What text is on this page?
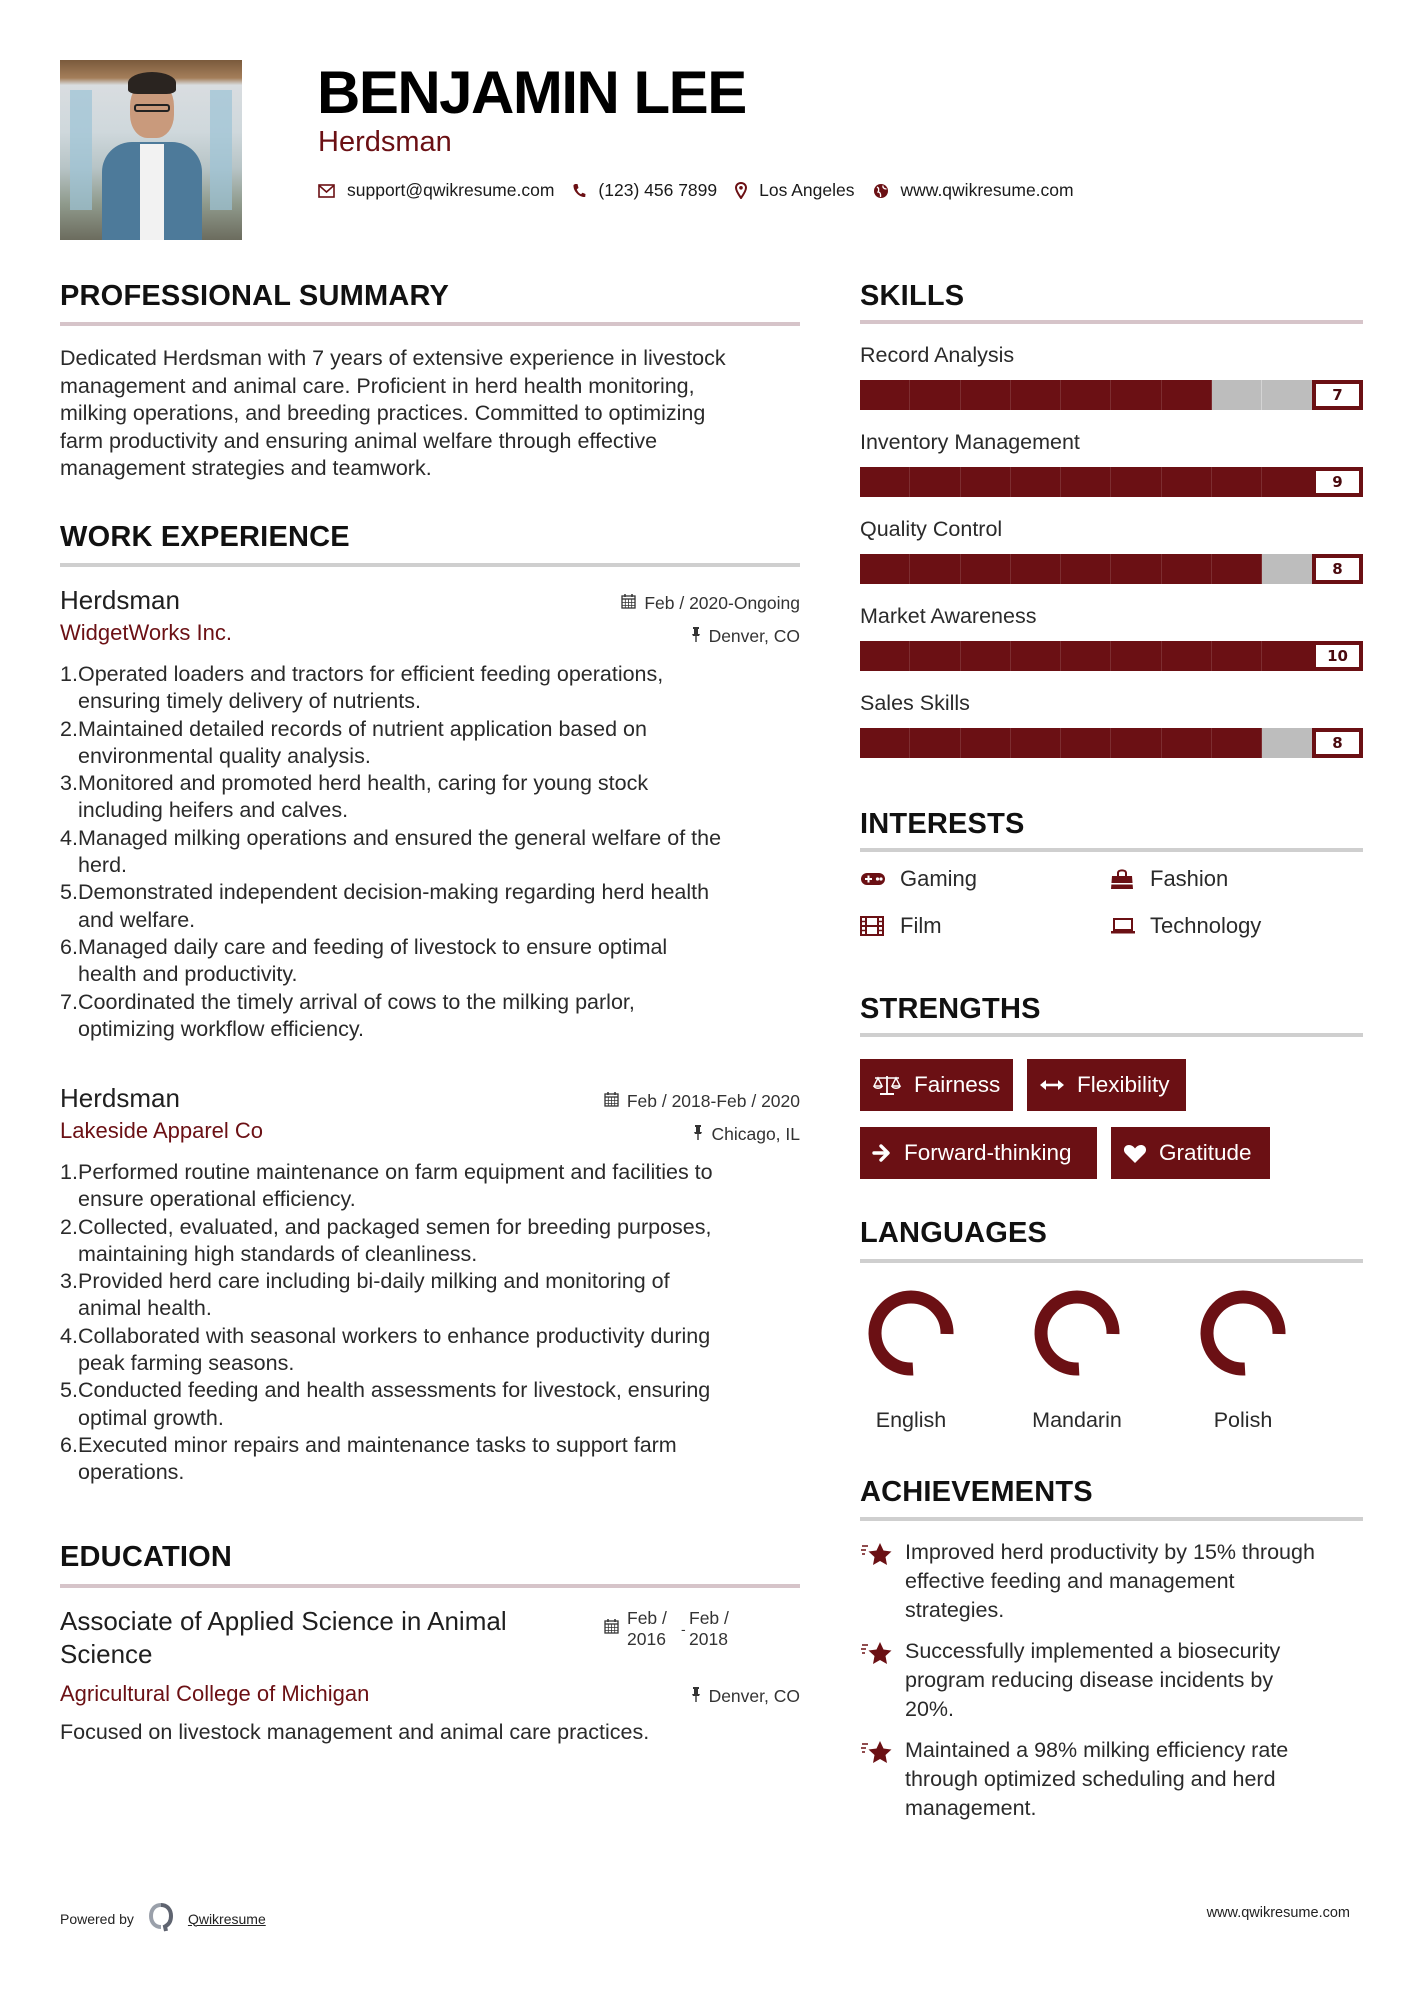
BENJAMIN LEE
Herdsman
support@qwikresume.com	(123) 456 7899 Los Angeles	www.qwikresume.com
PROFESSIONAL SUMMARY
Dedicated Herdsman with 7 years of extensive experience in livestock
management and animal care. Proficient in herd health monitoring,
milking operations, and breeding practices. Committed to optimizing
farm productivity and ensuring animal welfare through effective
management strategies and teamwork.
WORK EXPERIENCE
Herdsman	Feb / 2020-Ongoing
WidgetWorks Inc.	Denver, CO
1. Operated loaders and tractors for efficient feeding operations,
ensuring timely delivery of nutrients.
2. Maintained detailed records of nutrient application based on
environmental quality analysis.
3. Monitored and promoted herd health, caring for young stock
including heifers and calves.
4. Managed milking operations and ensured the general welfare of the
herd.
5. Demonstrated independent decision-making regarding herd health
and welfare.
6. Managed daily care and feeding of livestock to ensure optimal
health and productivity.
7. Coordinated the timely arrival of cows to the milking parlor,
optimizing workflow efficiency.
Herdsman	Feb / 2018-Feb / 2020
Lakeside Apparel Co	Chicago, IL
1. Performed routine maintenance on farm equipment and facilities to
ensure operational efficiency.
2. Collected, evaluated, and packaged semen for breeding purposes,
maintaining high standards of cleanliness.
3. Provided herd care including bi-daily milking and monitoring of
animal health.
4. Collaborated with seasonal workers to enhance productivity during
peak farming seasons.
5. Conducted feeding and health assessments for livestock, ensuring
optimal growth.
6. Executed minor repairs and maintenance tasks to support farm
operations.
EDUCATION
Associate of Applied Science in Animal
Science
Feb /
2016	-
Feb /
2018
Agricultural College of Michigan	Denver, CO
Focused on livestock management and animal care practices.
SKILLS
Record Analysis
7
Inventory Management
9
Quality Control
8
Market Awareness
10
Sales Skills
8
INTERESTS
Gaming	Fashion
Film	Technology
STRENGTHS
Fairness	Flexibility
Forward-thinking	Gratitude
LANGUAGES
English	Mandarin	Polish
ACHIEVEMENTS
Improved herd productivity by 15% through
effective feeding and management
strategies.
Successfully implemented a biosecurity
program reducing disease incidents by
20%.
Maintained a 98% milking efficiency rate
through optimized scheduling and herd
management.
Powered by	Qwikresume	www.qwikresume.com
